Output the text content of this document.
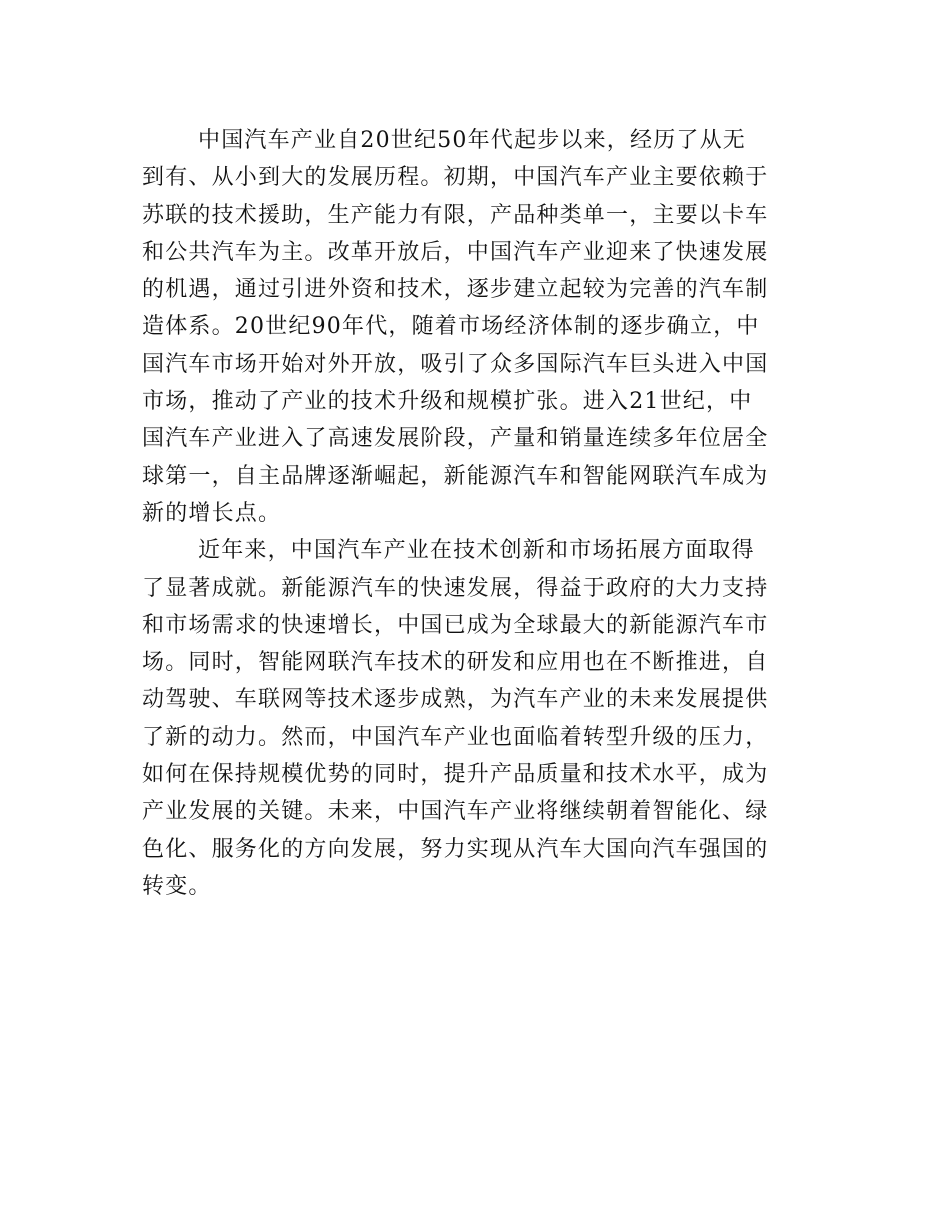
中国汽车产业自20世纪50年代起步以来，经历了从无
到有、从小到大的发展历程。初期，中国汽车产业主要依赖于
苏联的技术援助，生产能力有限，产品种类单一，主要以卡车
和公共汽车为主。改革开放后，中国汽车产业迎来了快速发展
的机遇，通过引进外资和技术，逐步建立起较为完善的汽车制
造体系。20世纪90年代，随着市场经济体制的逐步确立，中
国汽车市场开始对外开放，吸引了众多国际汽车巨头进入中国
市场，推动了产业的技术升级和规模扩张。进入21世纪，中
国汽车产业进入了高速发展阶段，产量和销量连续多年位居全
球第一，自主品牌逐渐崛起，新能源汽车和智能网联汽车成为
新的增长点。
近年来，中国汽车产业在技术创新和市场拓展方面取得
了显著成就。新能源汽车的快速发展，得益于政府的大力支持
和市场需求的快速增长，中国已成为全球最大的新能源汽车市
场。同时，智能网联汽车技术的研发和应用也在不断推进，自
动驾驶、车联网等技术逐步成熟，为汽车产业的未来发展提供
了新的动力。然而，中国汽车产业也面临着转型升级的压力，
如何在保持规模优势的同时，提升产品质量和技术水平，成为
产业发展的关键。未来，中国汽车产业将继续朝着智能化、绿
色化、服务化的方向发展，努力实现从汽车大国向汽车强国的
转变。
